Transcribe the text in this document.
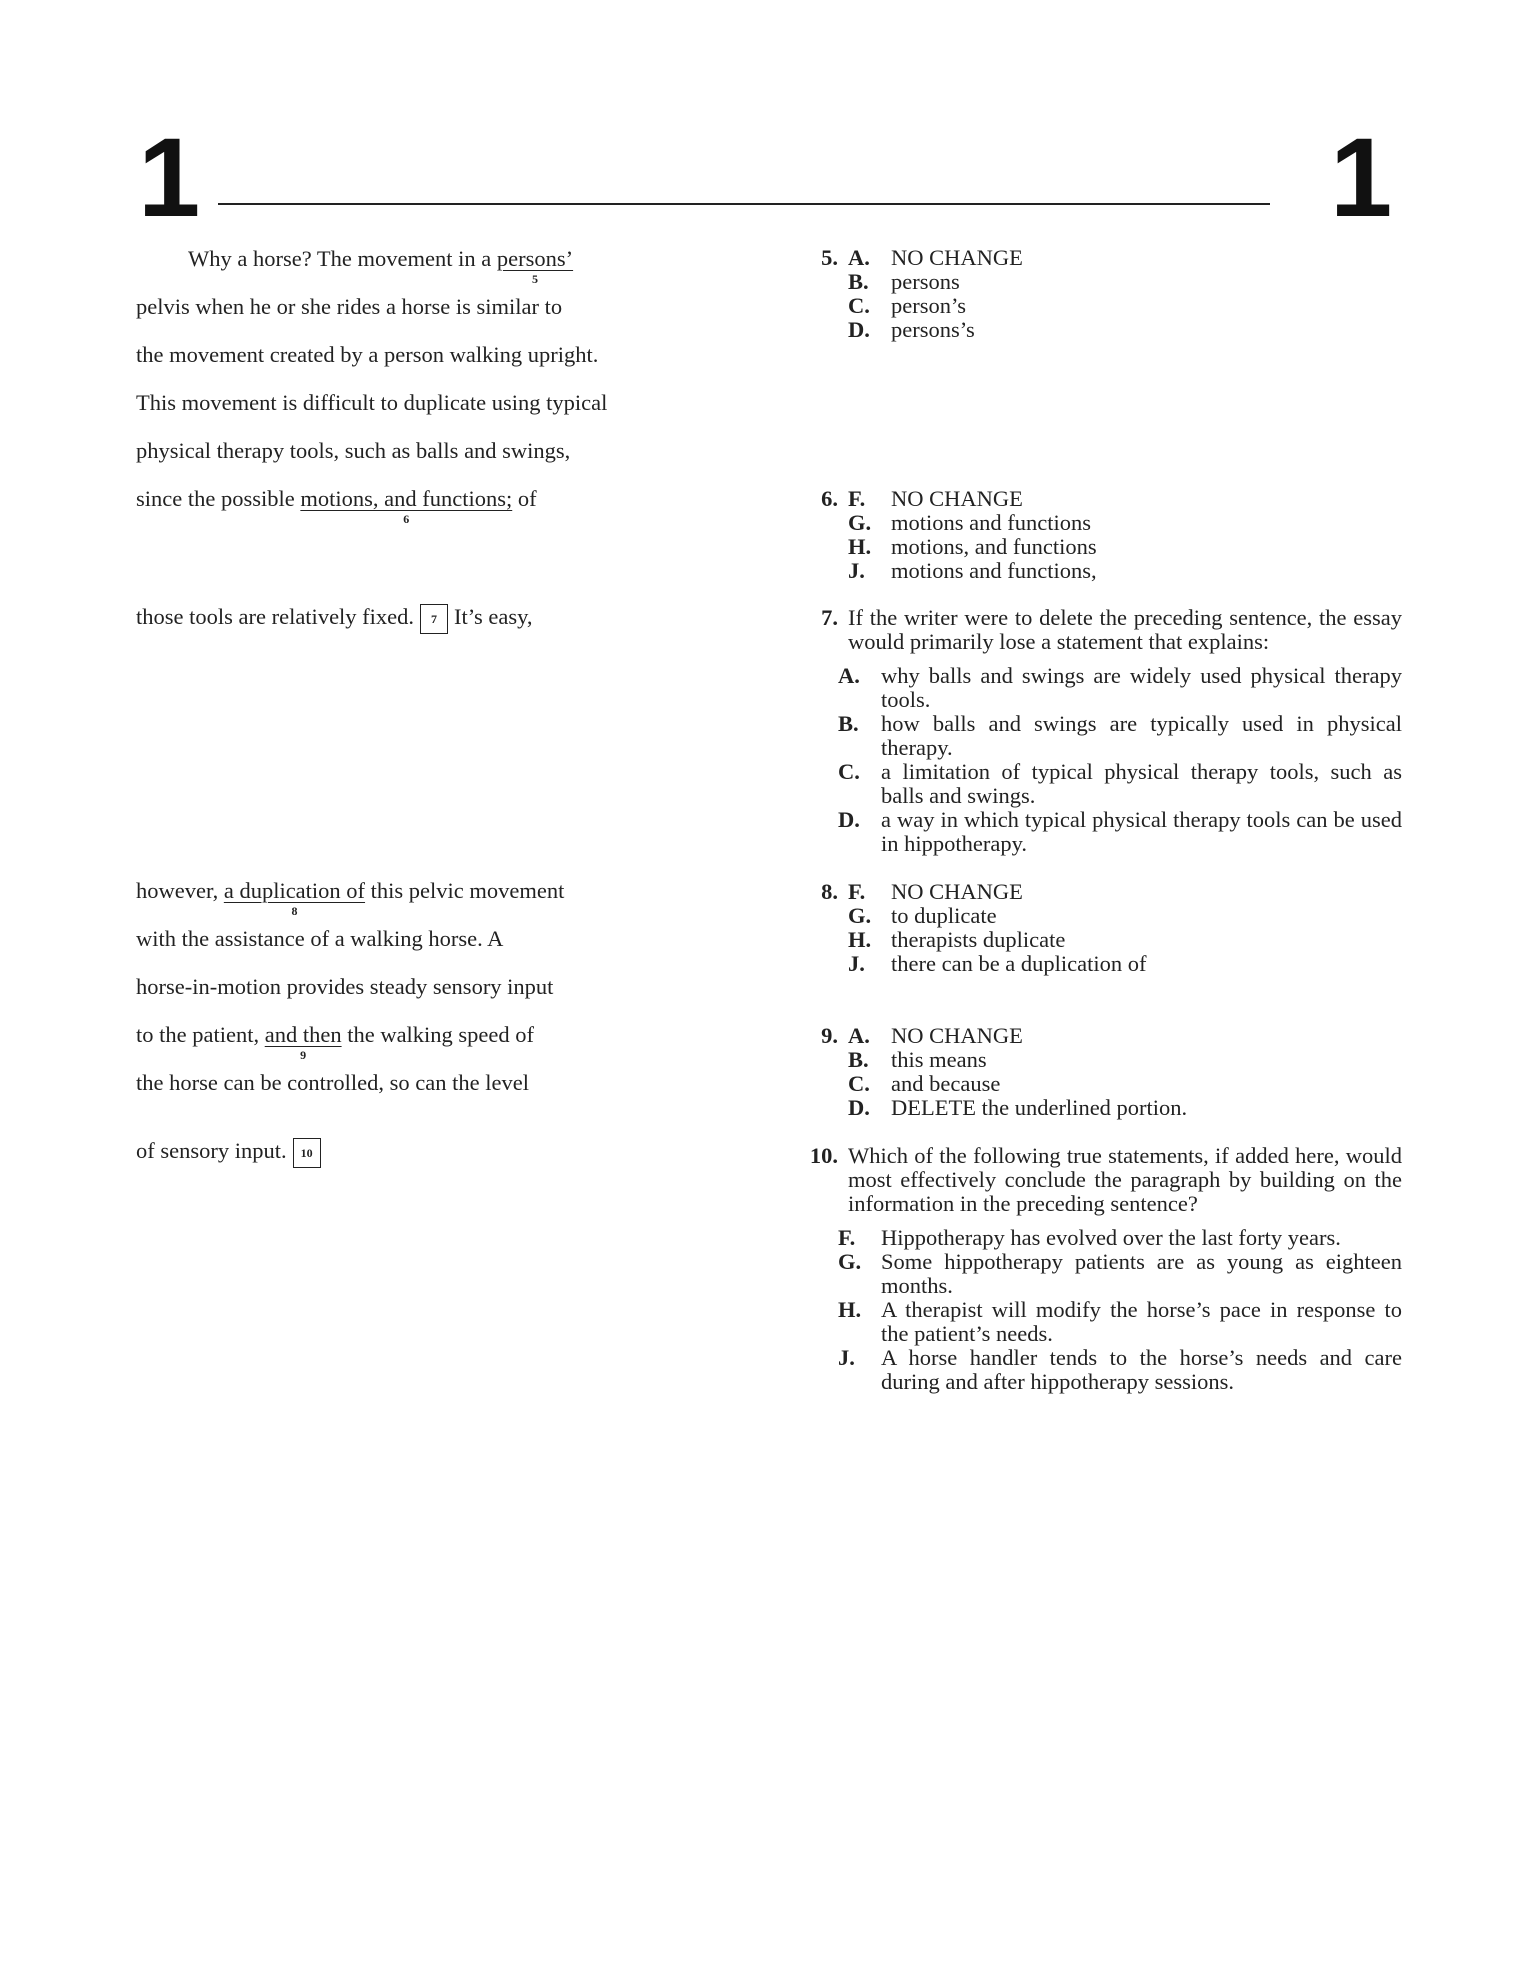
1	1
Why a horse? The movement in a persons’
5
pelvis when he or she rides a horse is similar to
the movement created by a person walking upright.
This movement is difficult to duplicate using typical
physical therapy tools, such as balls and swings,
since the possible motions, and functions;
6
of
those tools are relatively fixed. 7 It’s easy,
however, a duplication of
8
this pelvic movement
with the assistance of a walking horse. A
horse-in-motion provides steady sensory input
to the patient, and then
9
the walking speed of
the horse can be controlled, so can the level
of sensory input. 10
5. A. NO CHANGE
B. persons
C. person’s
D. persons’s
6. F.	NO CHANGE
G. motions and functions
H. motions, and functions
J.	motions and functions,
7. If the writer were to delete the preceding sentence, the essay would primarily lose a statement that explains:
A. why balls and swings are widely used physical therapy tools.
B. how balls and swings are typically used in physical therapy.
C. a limitation of typical physical therapy tools, such as balls and swings.
D. a way in which typical physical therapy tools can be used in hippotherapy.
8. F.	NO CHANGE
G. to duplicate
H. therapists duplicate
J.	there can be a duplication of
9. A. NO CHANGE
B. this means
C. and because
D. DELETE the underlined portion.
10. Which of the following true statements, if added here, would most effectively conclude the paragraph by building on the information in the preceding sentence?
F.	Hippotherapy has evolved over the last forty years.
G. Some hippotherapy patients are as young as eighteen months.
H. A therapist will modify the horse’s pace in response to the patient’s needs.
J.	A horse handler tends to the horse’s needs and care during and after hippotherapy sessions.
